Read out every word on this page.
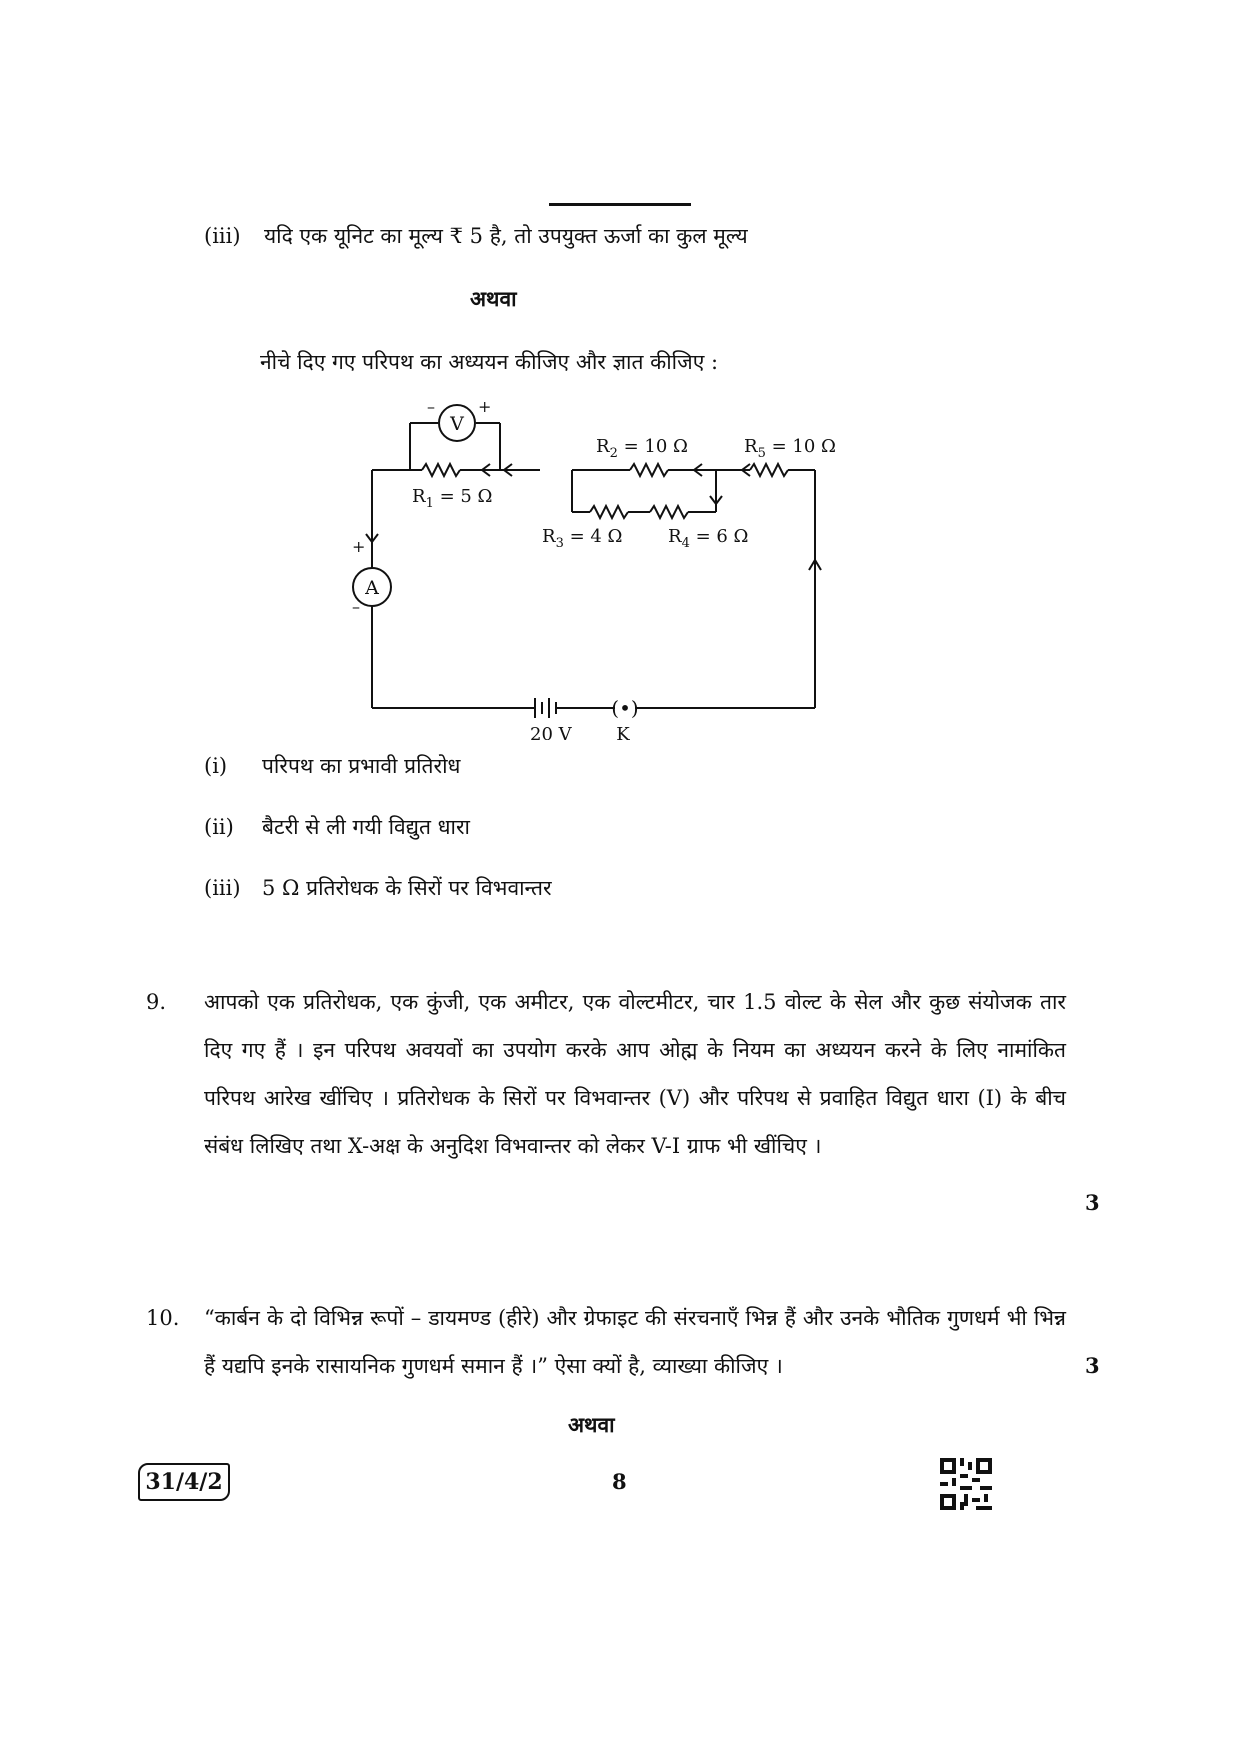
(iii) यदि एक यूनिट का मूल्य ₹ 5 है, तो उपयुक्त ऊर्जा का कुल मूल्य
अथवा
नीचे दिए गए परिपथ का अध्ययन कीजिए और ज्ञात कीजिए :
(•)
V
–	+
A
+
–
$R_1 = 5$ Ω
$R_2 = 10$ Ω
$R_3 = 4$ Ω	$R_4 = 6$ Ω
$R_5 = 10$ Ω
20 V K
(i) परिपथ का प्रभावी प्रतिरोध
(ii) बैटरी से ली गयी विद्युत धारा
(iii) 5 Ω प्रतिरोधक के सिरों पर विभवान्तर
9. आपको एक प्रतिरोधक, एक कुंजी, एक अमीटर, एक वोल्टमीटर, चार 1.5 वोल्ट के सेल और कुछ संयोजक तार दिए गए हैं । इन परिपथ अवयवों का उपयोग करके आप ओह्म के नियम का अध्ययन करने के लिए नामांकित परिपथ आरेख खींचिए । प्रतिरोधक के सिरों पर विभवान्तर (V) और परिपथ से प्रवाहित विद्युत धारा (I) के बीच संबंध लिखिए तथा X-अक्ष के अनुदिश विभवान्तर को लेकर V-I ग्राफ भी खींचिए ।
3
10. “कार्बन के दो विभिन्न रूपों – डायमण्ड (हीरे) और ग्रेफाइट की संरचनाएँ भिन्न हैं और उनके भौतिक गुणधर्म भी भिन्न हैं यद्यपि इनके रासायनिक गुणधर्म समान हैं ।” ऐसा क्यों है, व्याख्या कीजिए ।	3
अथवा
31/4/2	8
